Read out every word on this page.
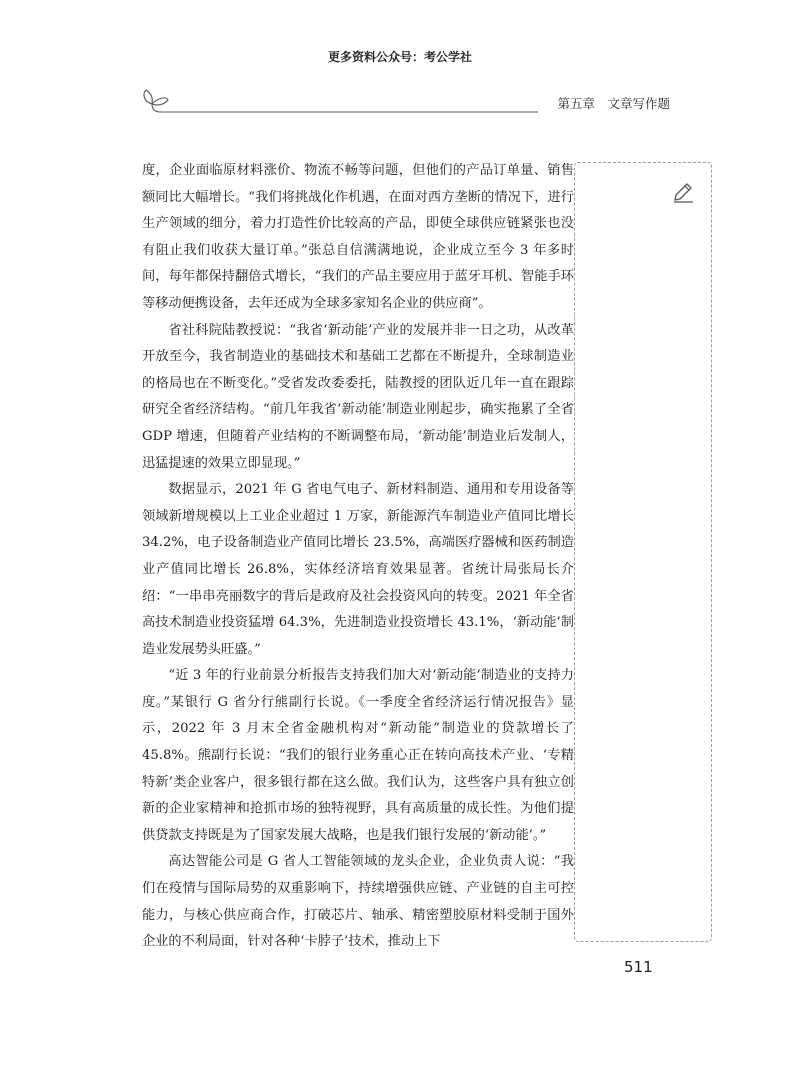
更多资料公众号：考公学社
第五章　文章写作题

度，企业面临原材料涨价、物流不畅等问题，但他们的产品订单量、销售额同比大幅增长。“我们将挑战化作机遇，在面对西方垄断的情况下，进行生产领域的细分，着力打造性价比较高的产品，即使全球供应链紧张也没有阻止我们收获大量订单。”张总自信满满地说，企业成立至今 3 年多时间，每年都保持翻倍式增长，“我们的产品主要应用于蓝牙耳机、智能手环等移动便携设备，去年还成为全球多家知名企业的供应商”。

省社科院陆教授说：“我省‘新动能’产业的发展并非一日之功，从改革开放至今，我省制造业的基础技术和基础工艺都在不断提升，全球制造业的格局也在不断变化。”受省发改委委托，陆教授的团队近几年一直在跟踪研究全省经济结构。“前几年我省‘新动能’制造业刚起步，确实拖累了全省 GDP 增速，但随着产业结构的不断调整布局，‘新动能’制造业后发制人，迅猛提速的效果立即显现。”

数据显示，2021 年 G 省电气电子、新材料制造、通用和专用设备等领域新增规模以上工业企业超过 1 万家，新能源汽车制造业产值同比增长 34.2%，电子设备制造业产值同比增长 23.5%，高端医疗器械和医药制造业产值同比增长 26.8%，实体经济培育效果显著。省统计局张局长介绍：“一串串亮丽数字的背后是政府及社会投资风向的转变。2021 年全省高技术制造业投资猛增 64.3%，先进制造业投资增长 43.1%，‘新动能’制造业发展势头旺盛。”

“近 3 年的行业前景分析报告支持我们加大对‘新动能’制造业的支持力度。”某银行 G 省分行熊副行长说。《一季度全省经济运行情况报告》显示，2022 年 3 月末全省金融机构对“新动能”制造业的贷款增长了 45.8%。熊副行长说：“我们的银行业务重心正在转向高技术产业、‘专精特新’类企业客户，很多银行都在这么做。我们认为，这些客户具有独立创新的企业家精神和抢抓市场的独特视野，具有高质量的成长性。为他们提供贷款支持既是为了国家发展大战略，也是我们银行发展的‘新动能’。”

高达智能公司是 G 省人工智能领域的龙头企业，企业负责人说：“我们在疫情与国际局势的双重影响下，持续增强供应链、产业链的自主可控能力，与核心供应商合作，打破芯片、轴承、精密塑胶原材料受制于国外企业的不利局面，针对各种‘卡脖子’技术，推动上下

511
